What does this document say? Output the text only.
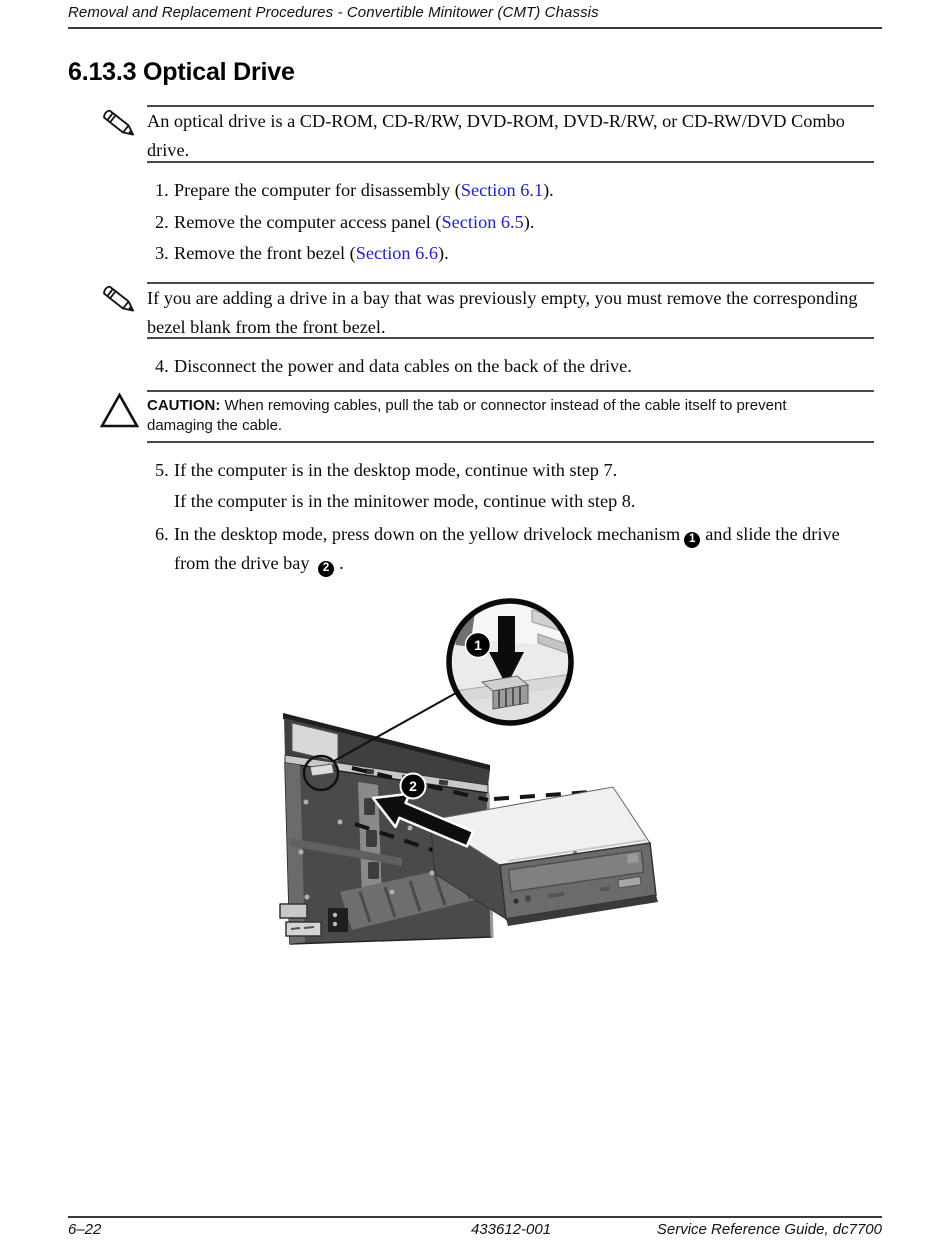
Removal and Replacement Procedures - Convertible Minitower (CMT) Chassis
6.13.3 Optical Drive
An optical drive is a CD-ROM, CD-R/RW, DVD-ROM, DVD-R/RW, or CD-RW/DVD Combo drive.
1. Prepare the computer for disassembly (Section 6.1).
2. Remove the computer access panel (Section 6.5).
3. Remove the front bezel (Section 6.6).
If you are adding a drive in a bay that was previously empty, you must remove the corresponding bezel blank from the front bezel.
4. Disconnect the power and data cables on the back of the drive.
CAUTION: When removing cables, pull the tab or connector instead of the cable itself to prevent damaging the cable.
5. If the computer is in the desktop mode, continue with step 7.
If the computer is in the minitower mode, continue with step 8.
6. In the desktop mode, press down on the yellow drivelock mechanism 1 and slide the drive from the drive bay 2 .
2
1
6–22	433612-001	Service Reference Guide, dc7700
